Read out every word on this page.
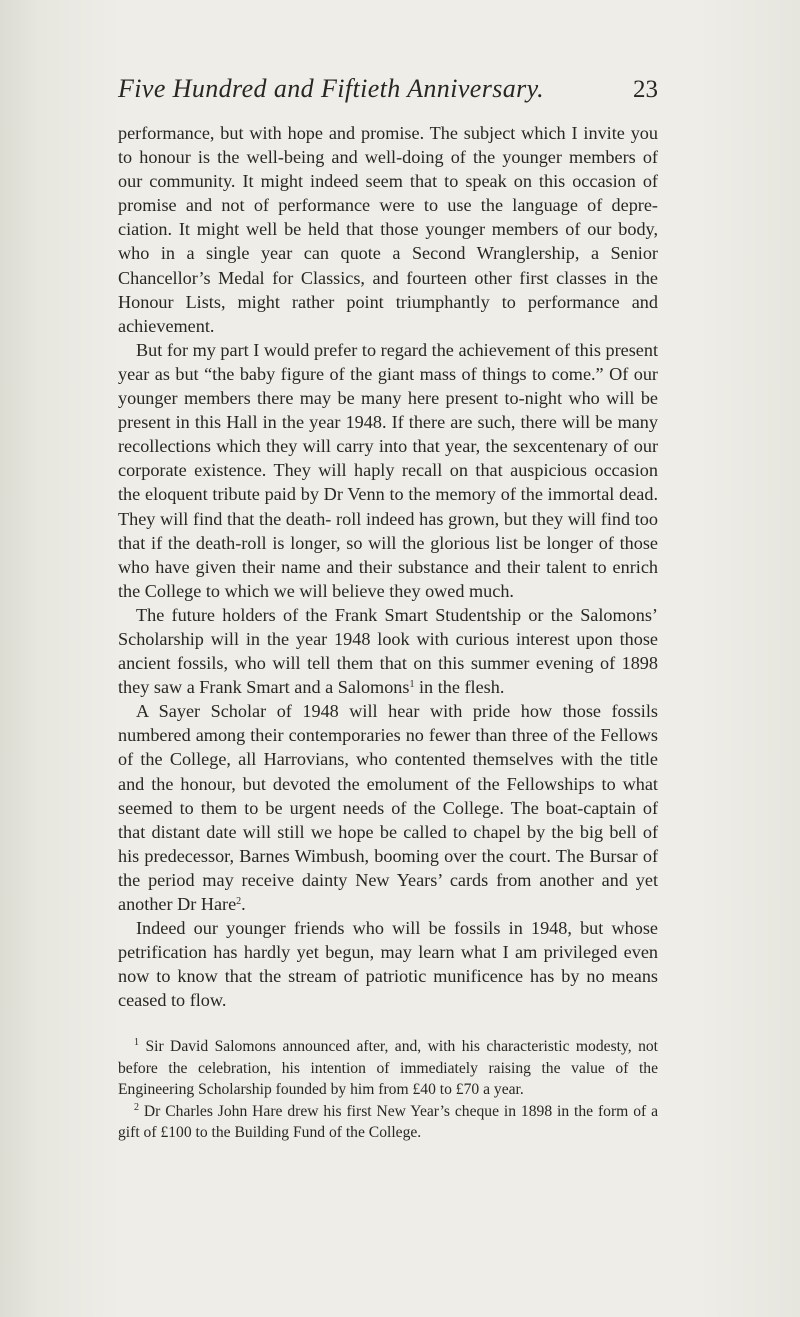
Five Hundred and Fiftieth Anniversary.	23

performance, but with hope and promise. The subject which I invite you to honour is the well-being and well-doing of the younger members of our community. It might indeed seem that to speak on this occasion of promise and not of performance were to use the language of depre- ciation. It might well be held that those younger members of our body, who in a single year can quote a Second Wranglership, a Senior Chancellor’s Medal for Classics, and fourteen other first classes in the Honour Lists, might rather point triumphantly to performance and achievement.

But for my part I would prefer to regard the achievement of this present year as but “the baby figure of the giant mass of things to come.” Of our younger members there may be many here present to-night who will be present in this Hall in the year 1948. If there are such, there will be many recollections which they will carry into that year, the sexcentenary of our corporate existence. They will haply recall on that auspicious occasion the eloquent tribute paid by Dr Venn to the memory of the immortal dead. They will find that the death- roll indeed has grown, but they will find too that if the death-roll is longer, so will the glorious list be longer of those who have given their name and their substance and their talent to enrich the College to which we will believe they owed much.

The future holders of the Frank Smart Studentship or the Salomons’ Scholarship will in the year 1948 look with curious interest upon those ancient fossils, who will tell them that on this summer evening of 1898 they saw a Frank Smart and a Salomons$^1$ in the flesh.

A Sayer Scholar of 1948 will hear with pride how those fossils numbered among their contemporaries no fewer than three of the Fellows of the College, all Harrovians, who contented themselves with the title and the honour, but devoted the emolument of the Fellowships to what seemed to them to be urgent needs of the College. The boat-captain of that distant date will still we hope be called to chapel by the big bell of his predecessor, Barnes Wimbush, booming over the court. The Bursar of the period may receive dainty New Years’ cards from another and yet another Dr Hare$^2$.

Indeed our younger friends who will be fossils in 1948, but whose petrification has hardly yet begun, may learn what I am privileged even now to know that the stream of patriotic munificence has by no means ceased to flow.

$^1$ Sir David Salomons announced after, and, with his characteristic modesty, not before the celebration, his intention of immediately raising the value of the Engineering Scholarship founded by him from £40 to £70 a year.

$^2$ Dr Charles John Hare drew his first New Year’s cheque in 1898 in the form of a gift of £100 to the Building Fund of the College.
